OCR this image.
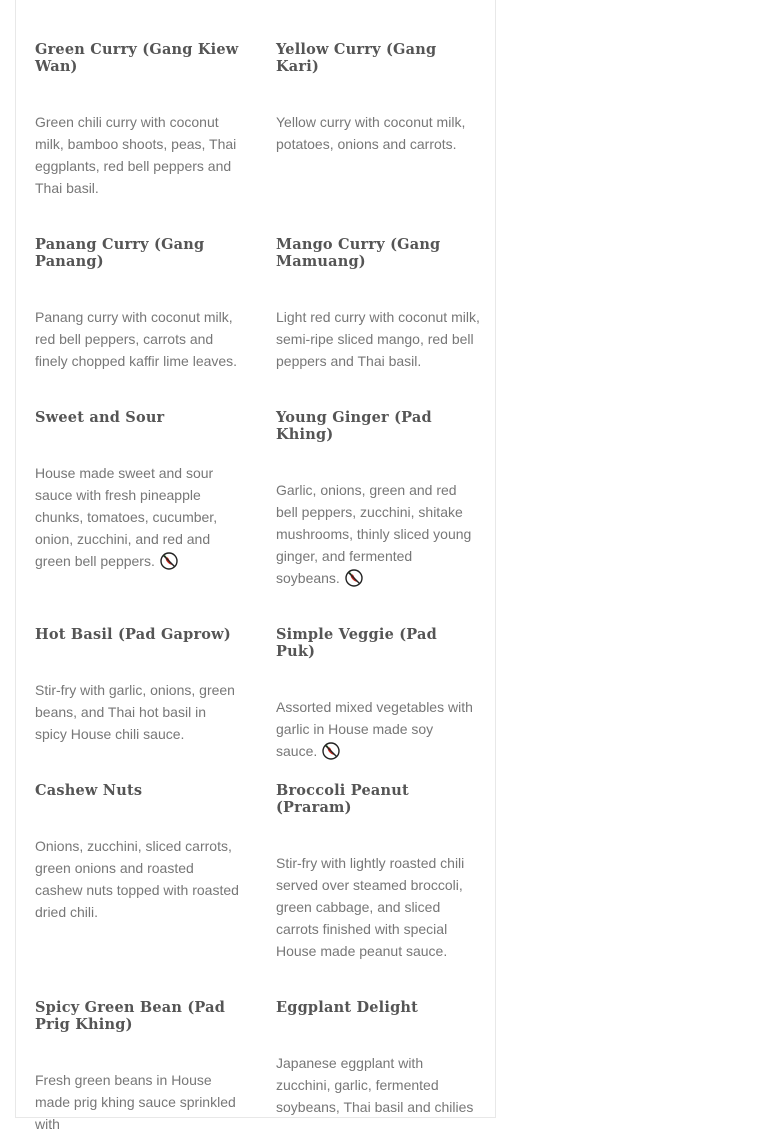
Green Curry (Gang Kiew Wan)

Green chili curry with coconut milk, bamboo shoots, peas, Thai eggplants, red bell peppers and Thai basil.

Yellow Curry (Gang Kari)

Yellow curry with coconut milk, potatoes, onions and carrots.

Panang Curry (Gang Panang)

Panang curry with coconut milk, red bell peppers, carrots and finely chopped kaffir lime leaves.

Mango Curry (Gang Mamuang)

Light red curry with coconut milk, semi-ripe sliced mango, red bell peppers and Thai basil.

Sweet and Sour

House made sweet and sour sauce with fresh pineapple chunks, tomatoes, cucumber, onion, zucchini, and red and green bell peppers. 

Young Ginger (Pad Khing)

Garlic, onions, green and red bell peppers, zucchini, shitake mushrooms, thinly sliced young ginger, and fermented soybeans. 

Hot Basil (Pad Gaprow)

Stir-fry with garlic, onions, green beans, and Thai hot basil in spicy House chili sauce.

Simple Veggie (Pad Puk)

Assorted mixed vegetables with garlic in House made soy sauce. 

Cashew Nuts

Onions, zucchini, sliced carrots, green onions and roasted cashew nuts topped with roasted dried chili.

Broccoli Peanut (Praram)

Stir-fry with lightly roasted chili served over steamed broccoli, green cabbage, and sliced carrots finished with special House made peanut sauce.

Spicy Green Bean (Pad Prig Khing)

Fresh green beans in House made prig khing sauce sprinkled with

Eggplant Delight

Japanese eggplant with zucchini, garlic, fermented soybeans, Thai basil and chilies
